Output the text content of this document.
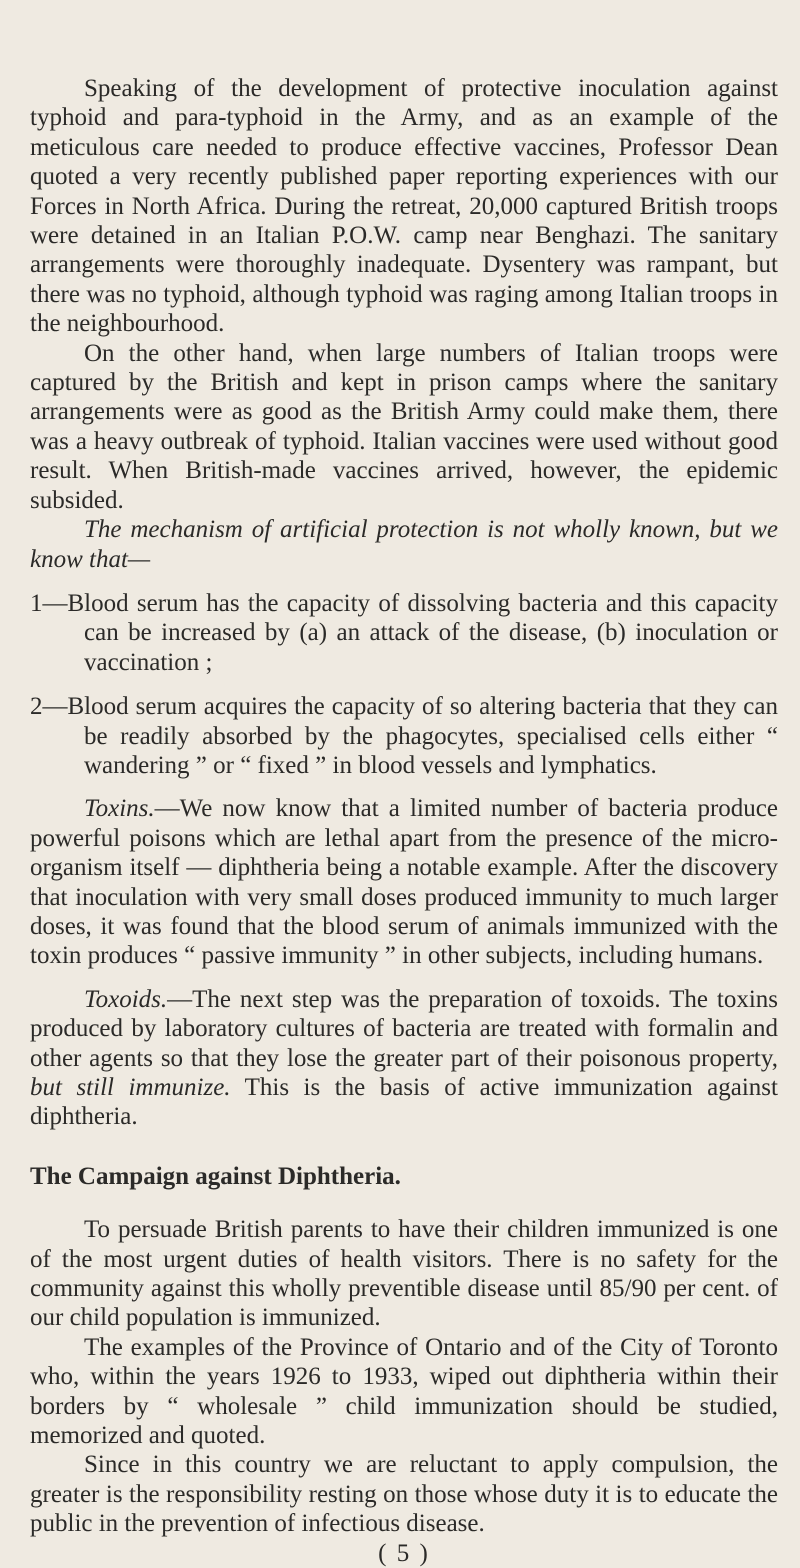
Speaking of the development of protective inoculation against typhoid and para-typhoid in the Army, and as an example of the meticulous care needed to produce effective vaccines, Professor Dean quoted a very recently published paper reporting experiences with our Forces in North Africa. During the retreat, 20,000 captured British troops were detained in an Italian P.O.W. camp near Benghazi. The sanitary arrangements were thoroughly inadequate. Dysentery was rampant, but there was no typhoid, although typhoid was raging among Italian troops in the neighbourhood.

On the other hand, when large numbers of Italian troops were captured by the British and kept in prison camps where the sanitary arrangements were as good as the British Army could make them, there was a heavy outbreak of typhoid. Italian vaccines were used without good result. When British-made vaccines arrived, however, the epidemic subsided.

The mechanism of artificial protection is not wholly known, but we know that—

1—Blood serum has the capacity of dissolving bacteria and this capacity can be increased by (a) an attack of the disease, (b) inoculation or vaccination ;

2—Blood serum acquires the capacity of so altering bacteria that they can be readily absorbed by the phagocytes, specialised cells either “ wandering ” or “ fixed ” in blood vessels and lymphatics.

Toxins.—We now know that a limited number of bacteria produce powerful poisons which are lethal apart from the presence of the micro-organism itself — diphtheria being a notable example. After the discovery that inoculation with very small doses produced immunity to much larger doses, it was found that the blood serum of animals immunized with the toxin produces “ passive immunity ” in other subjects, including humans.

Toxoids.—The next step was the preparation of toxoids. The toxins produced by laboratory cultures of bacteria are treated with formalin and other agents so that they lose the greater part of their poisonous property, but still immunize. This is the basis of active immunization against diphtheria.

The Campaign against Diphtheria.

To persuade British parents to have their children immunized is one of the most urgent duties of health visitors. There is no safety for the community against this wholly preventible disease until 85/90 per cent. of our child population is immunized.

The examples of the Province of Ontario and of the City of Toronto who, within the years 1926 to 1933, wiped out diphtheria within their borders by “ wholesale ” child immunization should be studied, memorized and quoted.

Since in this country we are reluctant to apply compulsion, the greater is the responsibility resting on those whose duty it is to educate the public in the prevention of infectious disease.

( 5 )
